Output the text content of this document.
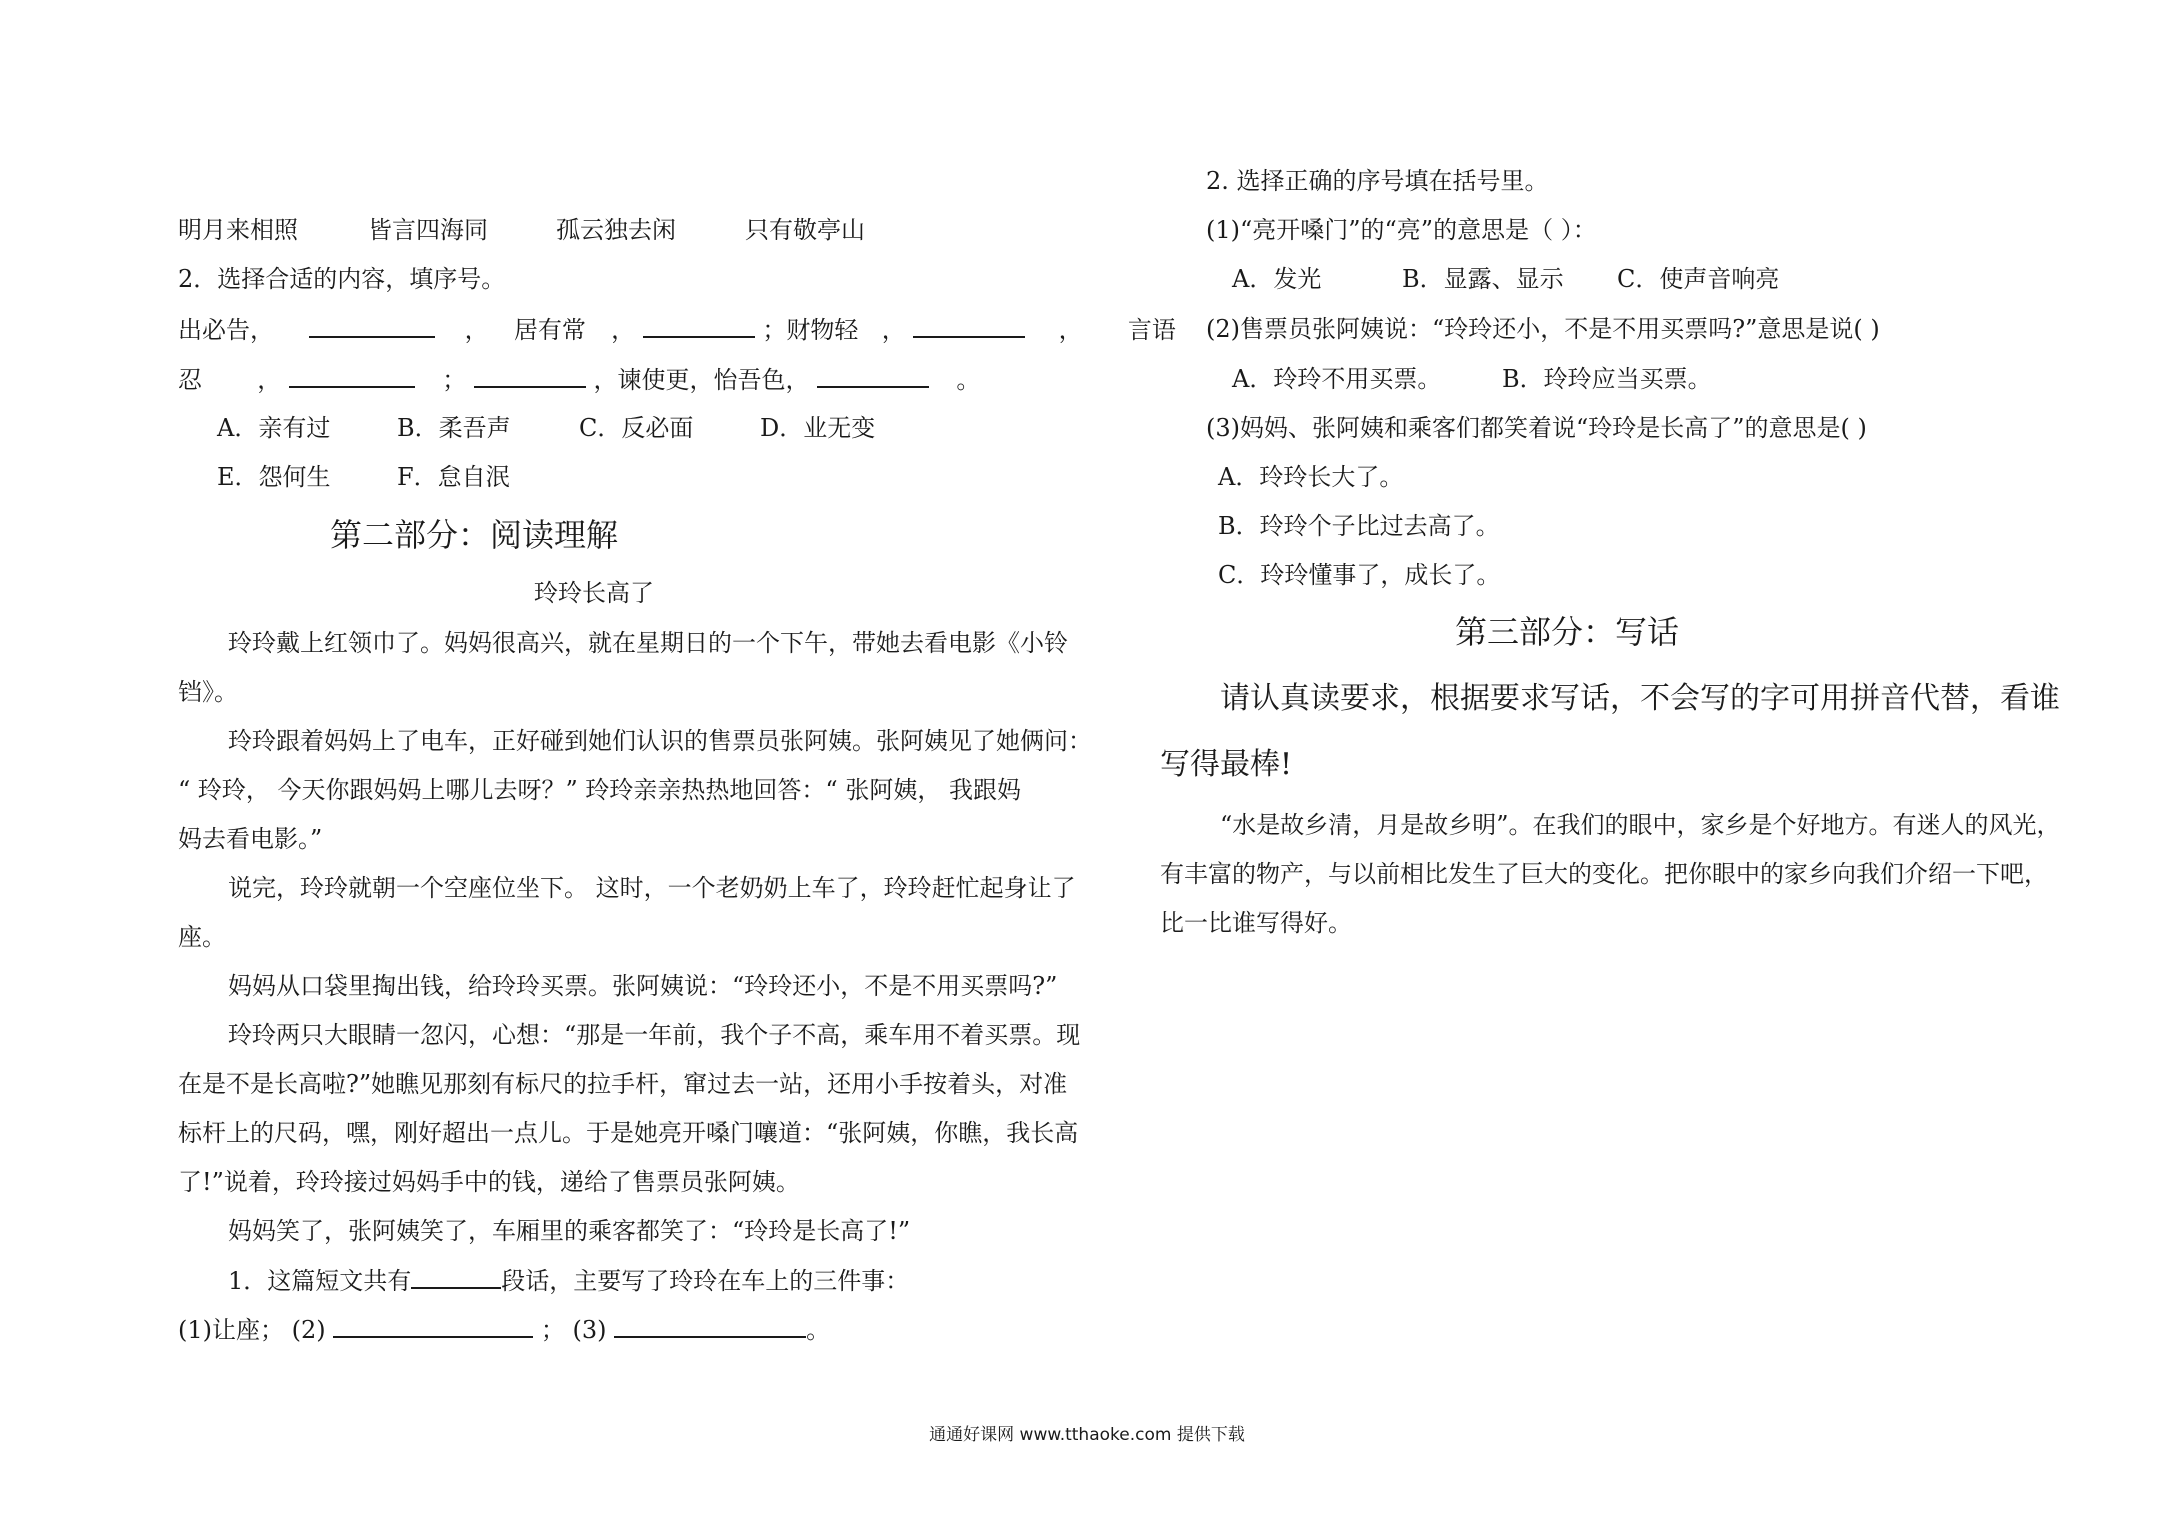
明月来相照	皆言四海同	孤云独去闲	只有敬亭山
2．选择合适的内容，填序号。
出必告，	， 居有常 ，	；财物轻 ，	， 言语
忍 ，	；	，谏使更，怡吾色，	。
A．亲有过	B．柔吾声	C．反必面	D．业无变
E．怨何生	F．怠自泯
第二部分：阅读理解
玲玲长高了
玲玲戴上红领巾了。妈妈很高兴，就在星期日的一个下午，带她去看电影《小铃
铛》。
玲玲跟着妈妈上了电车，正好碰到她们认识的售票员张阿姨。张阿姨见了她俩问：
“ 玲玲， 今天你跟妈妈上哪儿去呀？” 玲玲亲亲热热地回答：“ 张阿姨， 我跟妈
妈去看电影。”
说完，玲玲就朝一个空座位坐下。 这时，一个老奶奶上车了，玲玲赶忙起身让了
座。
妈妈从口袋里掏出钱，给玲玲买票。张阿姨说：“玲玲还小，不是不用买票吗?”
玲玲两只大眼睛一忽闪，心想：“那是一年前，我个子不高，乘车用不着买票。现
在是不是长高啦?”她瞧见那刻有标尺的拉手杆，窜过去一站，还用小手按着头，对准
标杆上的尺码，嘿，刚好超出一点儿。于是她亮开嗓门嚷道：“张阿姨，你瞧，我长高
了!”说着，玲玲接过妈妈手中的钱，递给了售票员张阿姨。
妈妈笑了，张阿姨笑了，车厢里的乘客都笑了：“玲玲是长高了!”
1．这篇短文共有	段话，主要写了玲玲在车上的三件事：
(1)让座； (2)	； (3)	。
2. 选择正确的序号填在括号里。
(1)“亮开嗓门”的“亮”的意思是（ ）：
A．发光	B．显露、显示 C．使声音响亮
(2)售票员张阿姨说：“玲玲还小，不是不用买票吗?”意思是说( )
A．玲玲不用买票。	B．玲玲应当买票。
(3)妈妈、张阿姨和乘客们都笑着说“玲玲是长高了”的意思是( )
A．玲玲长大了。
B．玲玲个子比过去高了。
C．玲玲懂事了，成长了。
第三部分：写话
请认真读要求，根据要求写话，不会写的字可用拼音代替，看谁
写得最棒!
“水是故乡清，月是故乡明”。在我们的眼中，家乡是个好地方。有迷人的风光，
有丰富的物产，与以前相比发生了巨大的变化。把你眼中的家乡向我们介绍一下吧，
比一比谁写得好。
通通好课网 www.tthaoke.com 提供下载
